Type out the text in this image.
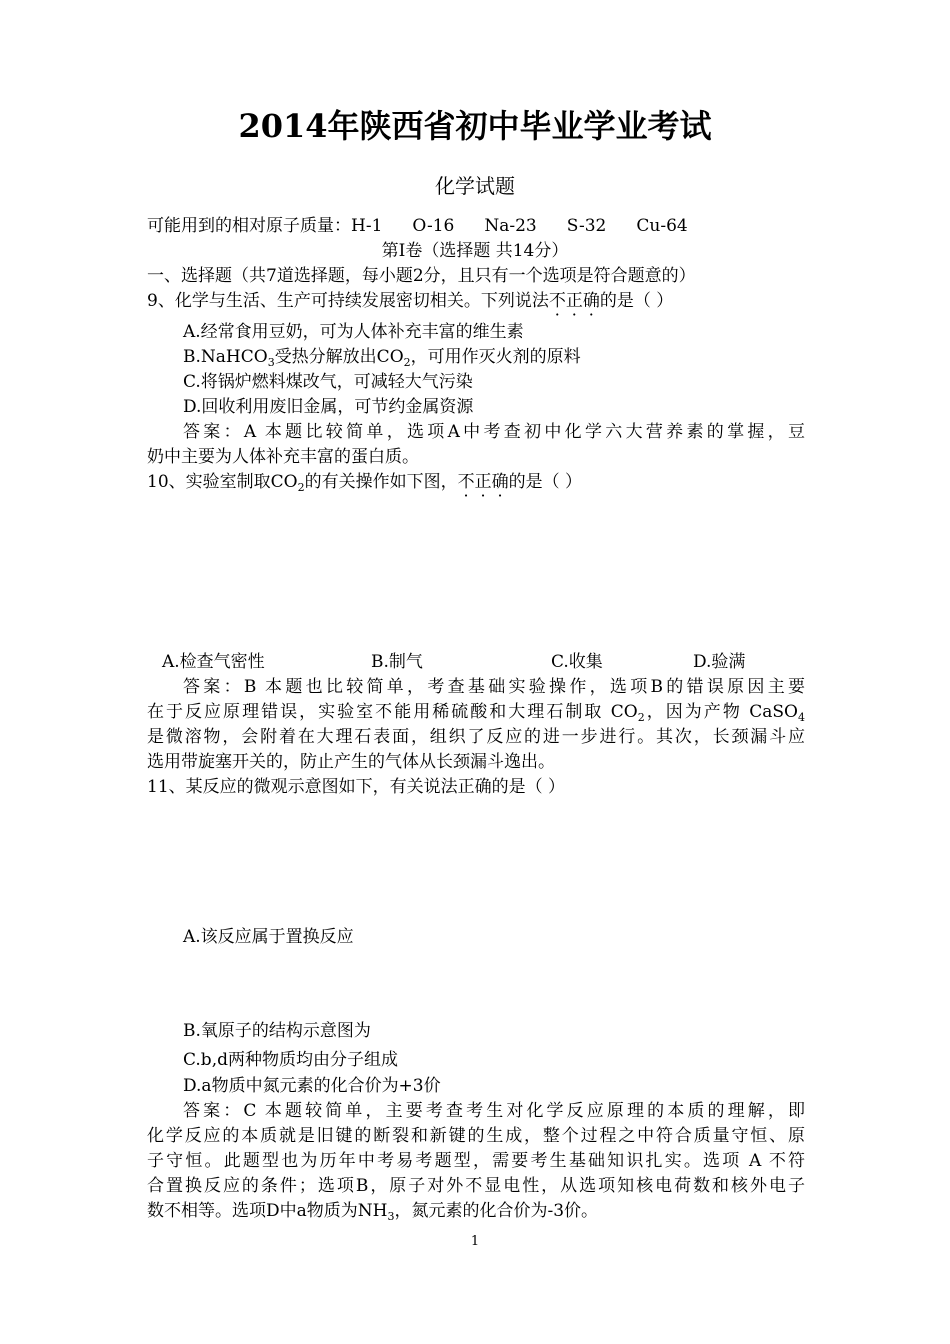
2014年陕西省初中毕业学业考试
化学试题
可能用到的相对原子质量：H-1 O-16 Na-23 S-32 Cu-64
第Ⅰ卷（选择题 共14分）
一、选择题（共7道选择题，每小题2分，且只有一个选项是符合题意的）
9、化学与生活、生产可持续发展密切相关。下列说法不正确的是（ ）
A.经常食用豆奶，可为人体补充丰富的维生素
B.NaHCO$_3$受热分解放出$CO_2$，可用作灭火剂的原料
C.将锅炉燃料煤改气，可减轻大气污染
D.回收利用废旧金属，可节约金属资源
答案：A 本题比较简单，选项A中考查初中化学六大营养素的掌握，豆
奶中主要为人体补充丰富的蛋白质。
10、实验室制取$CO_2$的有关操作如下图，不正确的是（ ）
A.检查气密性	B.制气	C.收集	D.验满
答案：B 本题也比较简单，考查基础实验操作，选项B的错误原因主要
在于反应原理错误，实验室不能用稀硫酸和大理石制取 $CO_2$，因为产物 CaSO$_4$
是微溶物，会附着在大理石表面，组织了反应的进一步进行。其次，长颈漏斗应
选用带旋塞开关的，防止产生的气体从长颈漏斗逸出。
11、某反应的微观示意图如下，有关说法正确的是（ ）
A.该反应属于置换反应
B.氧原子的结构示意图为
C.b,d两种物质均由分子组成
D.a物质中氮元素的化合价为+3价
答案：C 本题较简单，主要考查考生对化学反应原理的本质的理解，即
化学反应的本质就是旧键的断裂和新键的生成，整个过程之中符合质量守恒、原
子守恒。此题型也为历年中考易考题型，需要考生基础知识扎实。选项 A 不符
合置换反应的条件；选项B，原子对外不显电性，从选项知核电荷数和核外电子
数不相等。选项D中a物质为$NH_3$，氮元素的化合价为-3价。
1
